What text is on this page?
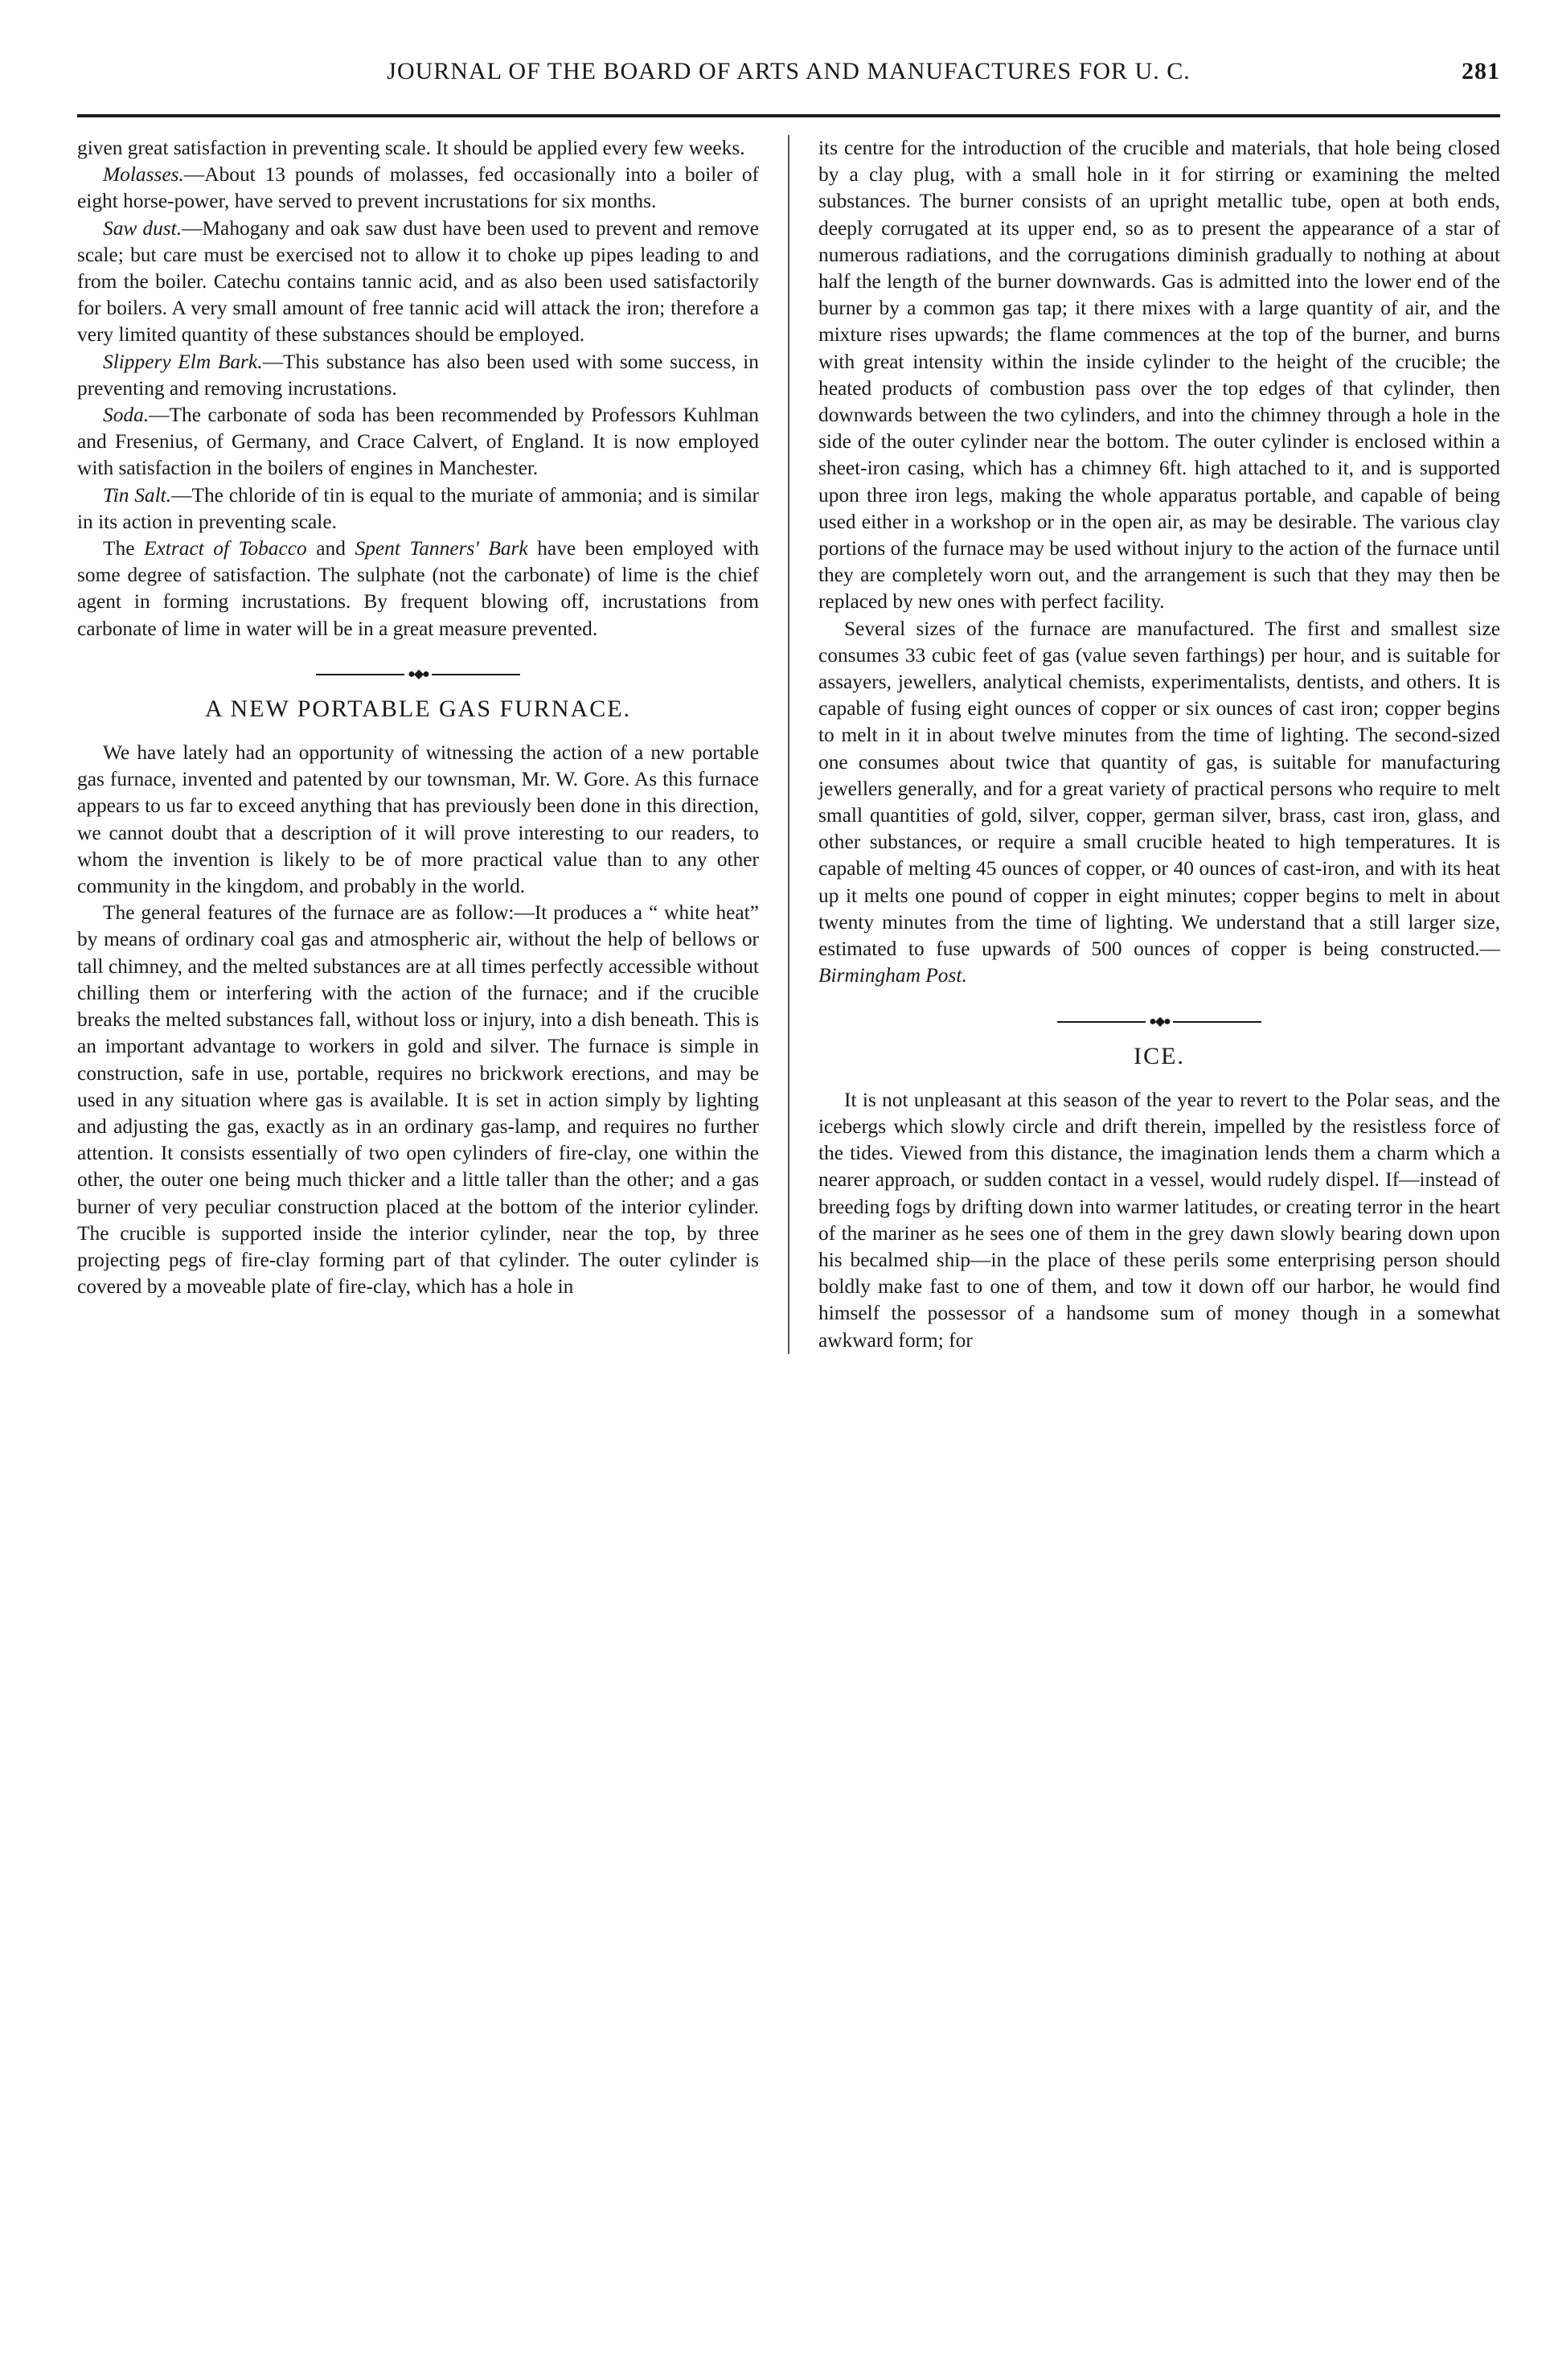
JOURNAL OF THE BOARD OF ARTS AND MANUFACTURES FOR U. C.	281

given great satisfaction in preventing scale. It should be applied every few weeks.

Molasses.—About 13 pounds of molasses, fed occasionally into a boiler of eight horse-power, have served to prevent incrustations for six months.

Saw dust.—Mahogany and oak saw dust have been used to prevent and remove scale; but care must be exercised not to allow it to choke up pipes leading to and from the boiler. Catechu contains tannic acid, and as also been used satisfactorily for boilers. A very small amount of free tannic acid will attack the iron; therefore a very limited quantity of these substances should be employed.

Slippery Elm Bark.—This substance has also been used with some success, in preventing and removing incrustations.

Soda.—The carbonate of soda has been recommended by Professors Kuhlman and Fresenius, of Germany, and Crace Calvert, of England. It is now employed with satisfaction in the boilers of engines in Manchester.

Tin Salt.—The chloride of tin is equal to the muriate of ammonia; and is similar in its action in preventing scale.

The Extract of Tobacco and Spent Tanners' Bark have been employed with some degree of satisfaction. The sulphate (not the carbonate) of lime is the chief agent in forming incrustations. By frequent blowing off, incrustations from carbonate of lime in water will be in a great measure prevented.

●◆●
A NEW PORTABLE GAS FURNACE.

We have lately had an opportunity of witnessing the action of a new portable gas furnace, invented and patented by our townsman, Mr. W. Gore. As this furnace appears to us far to exceed anything that has previously been done in this direction, we cannot doubt that a description of it will prove interesting to our readers, to whom the invention is likely to be of more practical value than to any other community in the kingdom, and probably in the world.

The general features of the furnace are as follow:—It produces a “ white heat” by means of ordinary coal gas and atmospheric air, without the help of bellows or tall chimney, and the melted substances are at all times perfectly accessible without chilling them or interfering with the action of the furnace; and if the crucible breaks the melted substances fall, without loss or injury, into a dish beneath. This is an important advantage to workers in gold and silver. The furnace is simple in construction, safe in use, portable, requires no brickwork erections, and may be used in any situation where gas is available. It is set in action simply by lighting and adjusting the gas, exactly as in an ordinary gas-lamp, and requires no further attention. It consists essentially of two open cylinders of fire-clay, one within the other, the outer one being much thicker and a little taller than the other; and a gas burner of very peculiar construction placed at the bottom of the interior cylinder. The crucible is supported inside the interior cylinder, near the top, by three projecting pegs of fire-clay forming part of that cylinder. The outer cylinder is covered by a moveable plate of fire-clay, which has a hole in

its centre for the introduction of the crucible and materials, that hole being closed by a clay plug, with a small hole in it for stirring or examining the melted substances. The burner consists of an upright metallic tube, open at both ends, deeply corrugated at its upper end, so as to present the appearance of a star of numerous radiations, and the corrugations diminish gradually to nothing at about half the length of the burner downwards. Gas is admitted into the lower end of the burner by a common gas tap; it there mixes with a large quantity of air, and the mixture rises upwards; the flame commences at the top of the burner, and burns with great intensity within the inside cylinder to the height of the crucible; the heated products of combustion pass over the top edges of that cylinder, then downwards between the two cylinders, and into the chimney through a hole in the side of the outer cylinder near the bottom. The outer cylinder is enclosed within a sheet-iron casing, which has a chimney 6ft. high attached to it, and is supported upon three iron legs, making the whole apparatus portable, and capable of being used either in a workshop or in the open air, as may be desirable. The various clay portions of the furnace may be used without injury to the action of the furnace until they are completely worn out, and the arrangement is such that they may then be replaced by new ones with perfect facility.

Several sizes of the furnace are manufactured. The first and smallest size consumes 33 cubic feet of gas (value seven farthings) per hour, and is suitable for assayers, jewellers, analytical chemists, experimentalists, dentists, and others. It is capable of fusing eight ounces of copper or six ounces of cast iron; copper begins to melt in it in about twelve minutes from the time of lighting. The second-sized one consumes about twice that quantity of gas, is suitable for manufacturing jewellers generally, and for a great variety of practical persons who require to melt small quantities of gold, silver, copper, german silver, brass, cast iron, glass, and other substances, or require a small crucible heated to high temperatures. It is capable of melting 45 ounces of copper, or 40 ounces of cast-iron, and with its heat up it melts one pound of copper in eight minutes; copper begins to melt in about twenty minutes from the time of lighting. We understand that a still larger size, estimated to fuse upwards of 500 ounces of copper is being constructed.—Birmingham Post.

●◆●
ICE.

It is not unpleasant at this season of the year to revert to the Polar seas, and the icebergs which slowly circle and drift therein, impelled by the resistless force of the tides. Viewed from this distance, the imagination lends them a charm which a nearer approach, or sudden contact in a vessel, would rudely dispel. If—instead of breeding fogs by drifting down into warmer latitudes, or creating terror in the heart of the mariner as he sees one of them in the grey dawn slowly bearing down upon his becalmed ship—in the place of these perils some enterprising person should boldly make fast to one of them, and tow it down off our harbor, he would find himself the possessor of a handsome sum of money though in a somewhat awkward form; for
